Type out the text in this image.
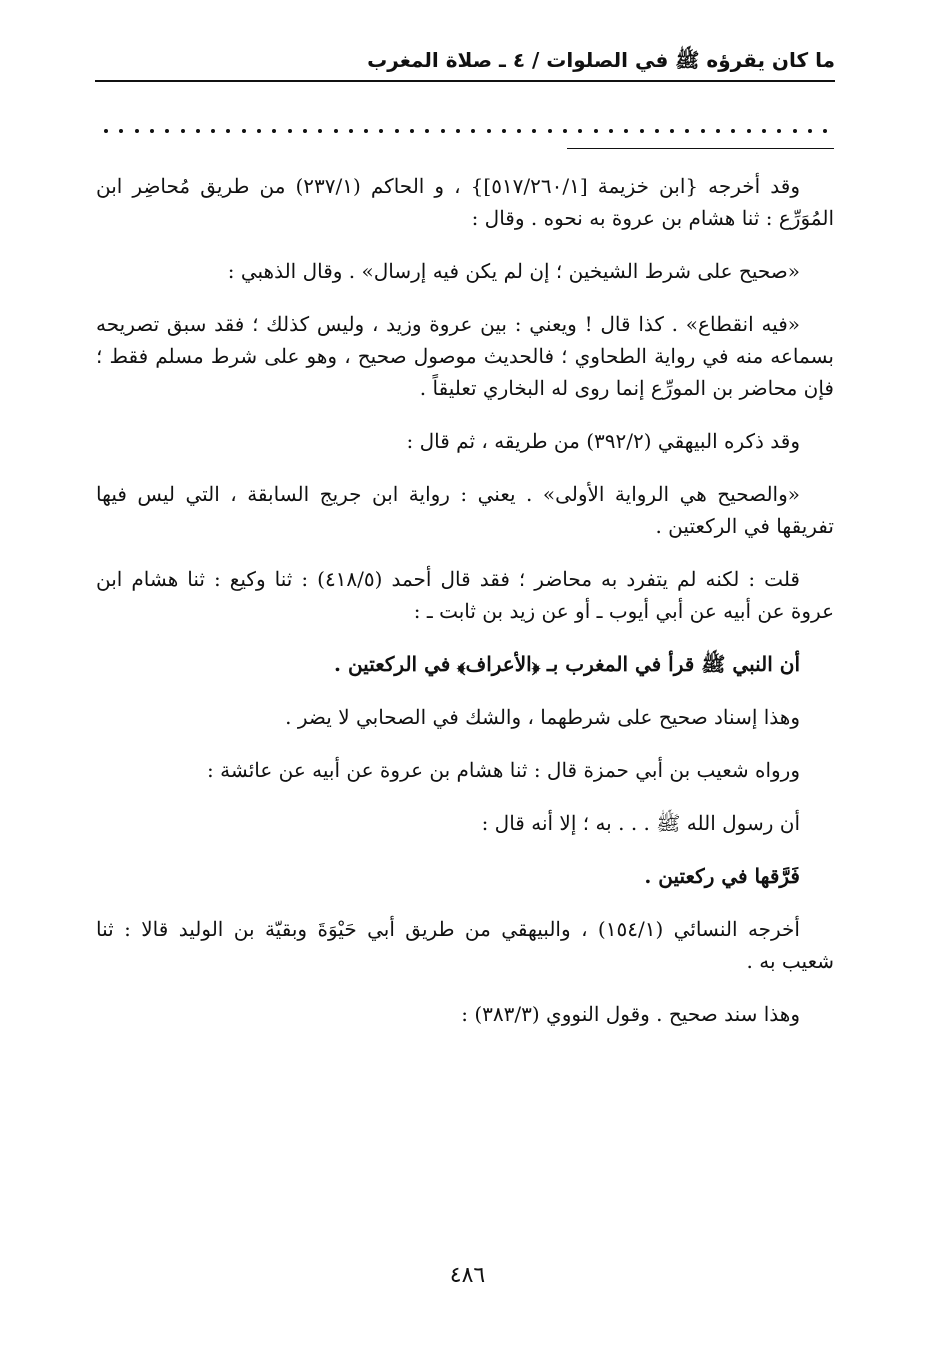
ما كان يقرؤه ﷺ في الصلوات / ٤ ـ صلاة المغرب

وقد أخرجه {ابن خزيمة [٥١٧/٢٦٠/١]} ، و الحاكم (٢٣٧/١) من طريق مُحاضِر ابن المُوَرِّع : ثنا هشام بن عروة به نحوه . وقال :

«صحيح على شرط الشيخين ؛ إن لم يكن فيه إرسال» . وقال الذهبي :

«فيه انقطاع» . كذا قال ! ويعني : بين عروة وزيد ، وليس كذلك ؛ فقد سبق تصريحه بسماعه منه في رواية الطحاوي ؛ فالحديث موصول صحيح ، وهو على شرط مسلم فقط ؛ فإن محاضر بن المورِّع إنما روى له البخاري تعليقاً .

وقد ذكره البيهقي (٣٩٢/٢) من طريقه ، ثم قال :

«والصحيح هي الرواية الأولى» . يعني : رواية ابن جريج السابقة ، التي ليس فيها تفريقها في الركعتين .

قلت : لكنه لم يتفرد به محاضر ؛ فقد قال أحمد (٤١٨/٥) : ثنا وكيع : ثنا هشام ابن عروة عن أبيه عن أبي أيوب ـ أو عن زيد بن ثابت ـ :

أن النبي ﷺ قرأ في المغرب بـ ﴿الأعراف﴾ في الركعتين .

وهذا إسناد صحيح على شرطهما ، والشك في الصحابي لا يضر .

ورواه شعيب بن أبي حمزة قال : ثنا هشام بن عروة عن أبيه عن عائشة :

أن رسول الله ﷺ . . . به ؛ إلا أنه قال :

فَرَّقها في ركعتين .

أخرجه النسائي (١٥٤/١) ، والبيهقي من طريق أبي حَيْوَةَ وبقيّة بن الوليد قالا : ثنا شعيب به .

وهذا سند صحيح . وقول النووي (٣٨٣/٣) :

٤٨٦
